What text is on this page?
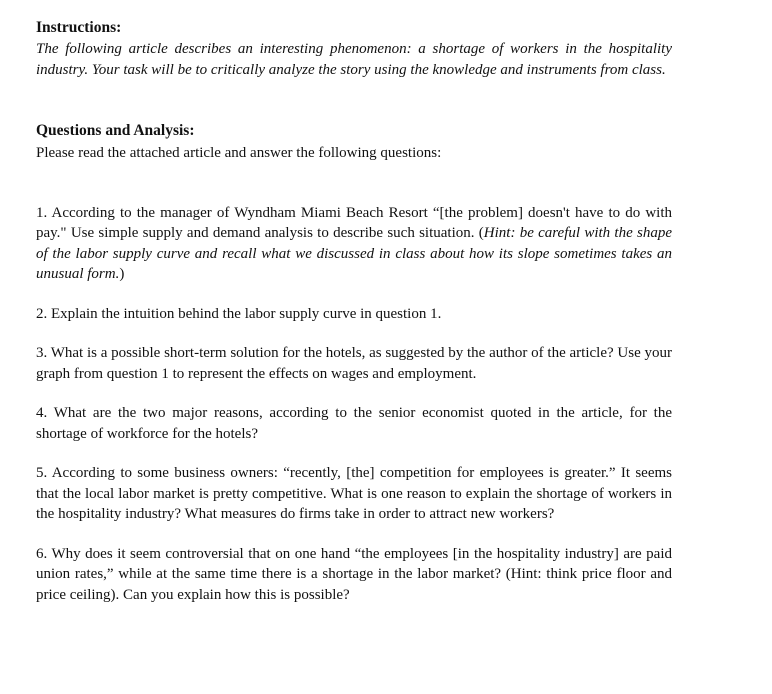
Instructions:

The following article describes an interesting phenomenon: a shortage of workers in the hospitality industry. Your task will be to critically analyze the story using the knowledge and instruments from class.

Questions and Analysis:

Please read the attached article and answer the following questions:

1. According to the manager of Wyndham Miami Beach Resort “[the problem] doesn't have to do with pay." Use simple supply and demand analysis to describe such situation. (Hint: be careful with the shape of the labor supply curve and recall what we discussed in class about how its slope sometimes takes an unusual form.)

2. Explain the intuition behind the labor supply curve in question 1.

3. What is a possible short-term solution for the hotels, as suggested by the author of the article? Use your graph from question 1 to represent the effects on wages and employment.

4. What are the two major reasons, according to the senior economist quoted in the article, for the shortage of workforce for the hotels?

5. According to some business owners: “recently, [the] competition for employees is greater.” It seems that the local labor market is pretty competitive. What is one reason to explain the shortage of workers in the hospitality industry? What measures do firms take in order to attract new workers?

6. Why does it seem controversial that on one hand “the employees [in the hospitality industry] are paid union rates,” while at the same time there is a shortage in the labor market? (Hint: think price floor and price ceiling). Can you explain how this is possible?
